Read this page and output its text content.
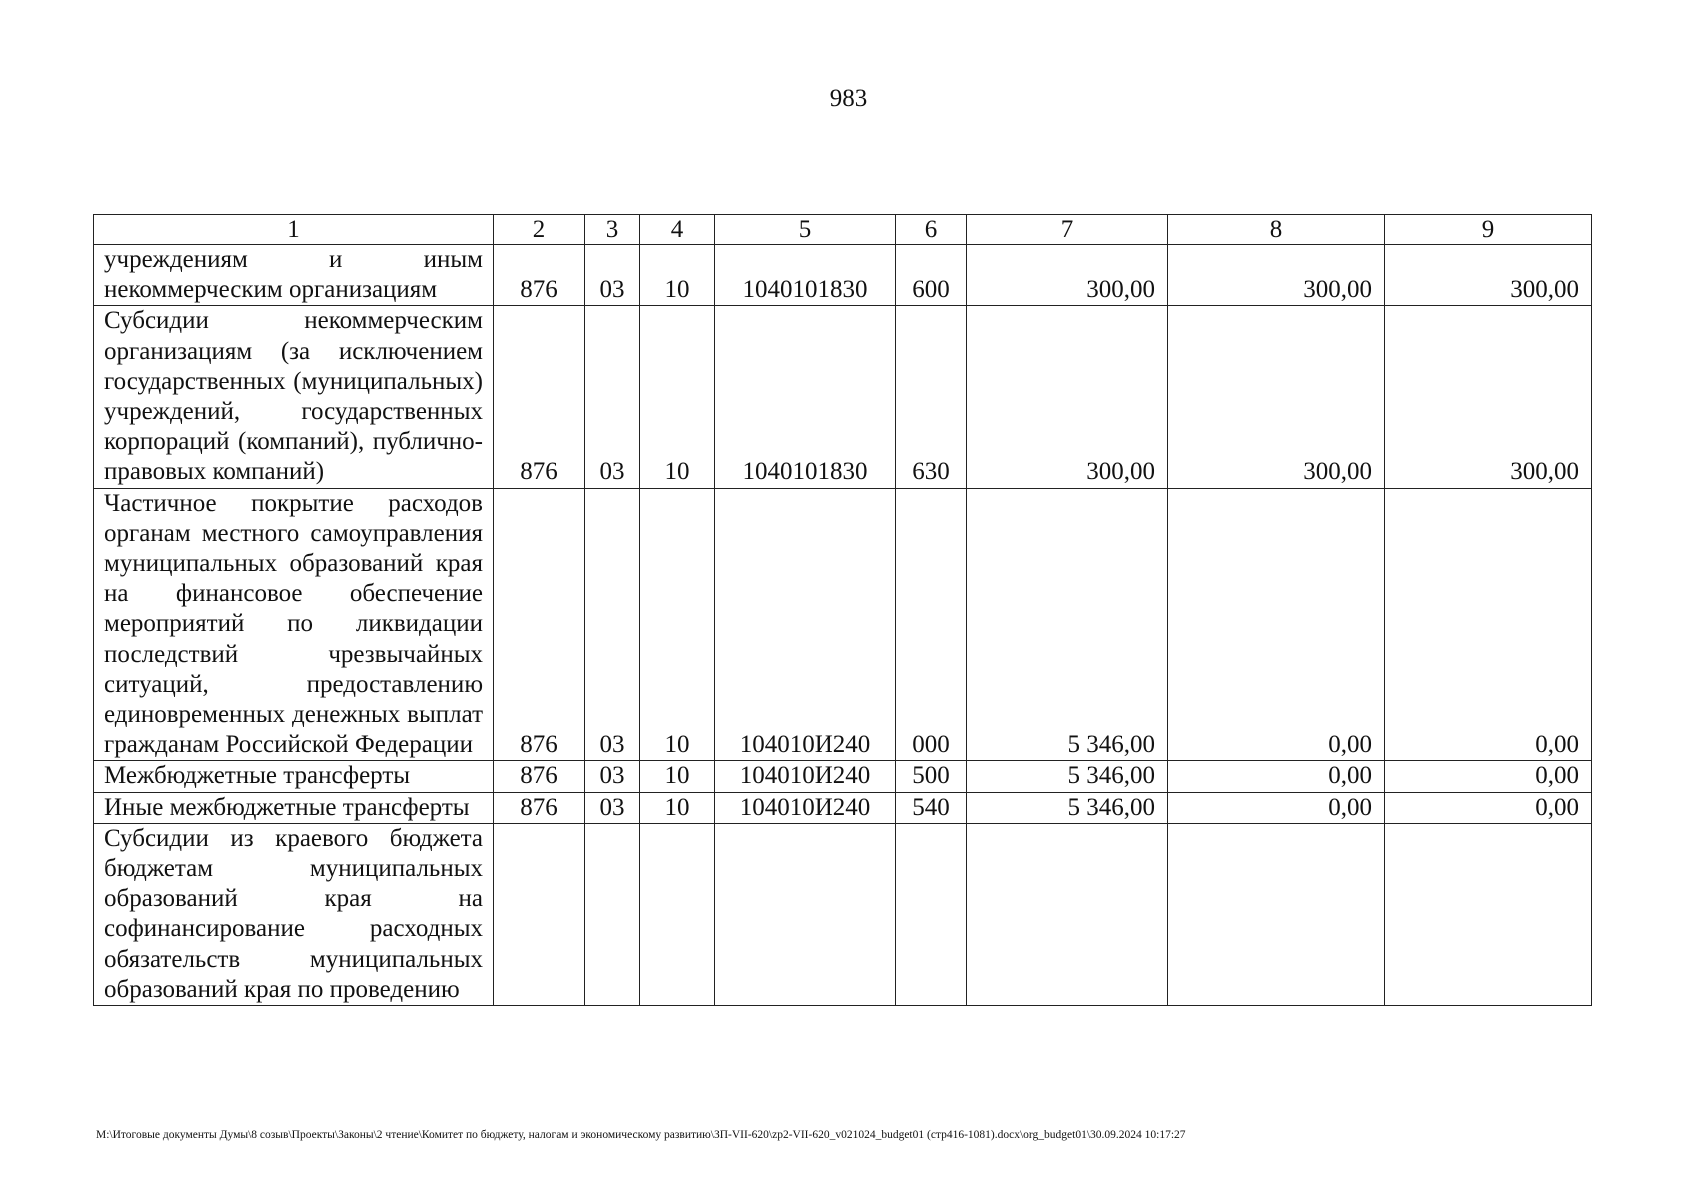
983
1	2	3	4	5	6	7	8	9
учреждениям и иным некоммерческим организациям	876	03	10	1040101830	600	300,00	300,00	300,00
Субсидии некоммерческим организациям (за исключением государственных (муниципальных) учреждений, государственных корпораций (компаний), публично-правовых компаний)	876	03	10	1040101830	630	300,00	300,00	300,00
Частичное покрытие расходов органам местного самоуправления муниципальных образований края на финансовое обеспечение мероприятий по ликвидации последствий чрезвычайных ситуаций, предоставлению единовременных денежных выплат гражданам Российской Федерации	876	03	10	104010И240	000	5 346,00	0,00	0,00
Межбюджетные трансферты	876	03	10	104010И240	500	5 346,00	0,00	0,00
Иные межбюджетные трансферты	876	03	10	104010И240	540	5 346,00	0,00	0,00
Субсидии из краевого бюджета бюджетам муниципальных образований края на софинансирование расходных обязательств муниципальных образований края по проведению								
M:\Итоговые документы Думы\8 созыв\Проекты\Законы\2 чтение\Комитет по бюджету, налогам и экономическому развитию\ЗП-VII-620\zp2-VII-620_v021024_budget01 (стр416-1081).docx\org_budget01\30.09.2024 10:17:27
